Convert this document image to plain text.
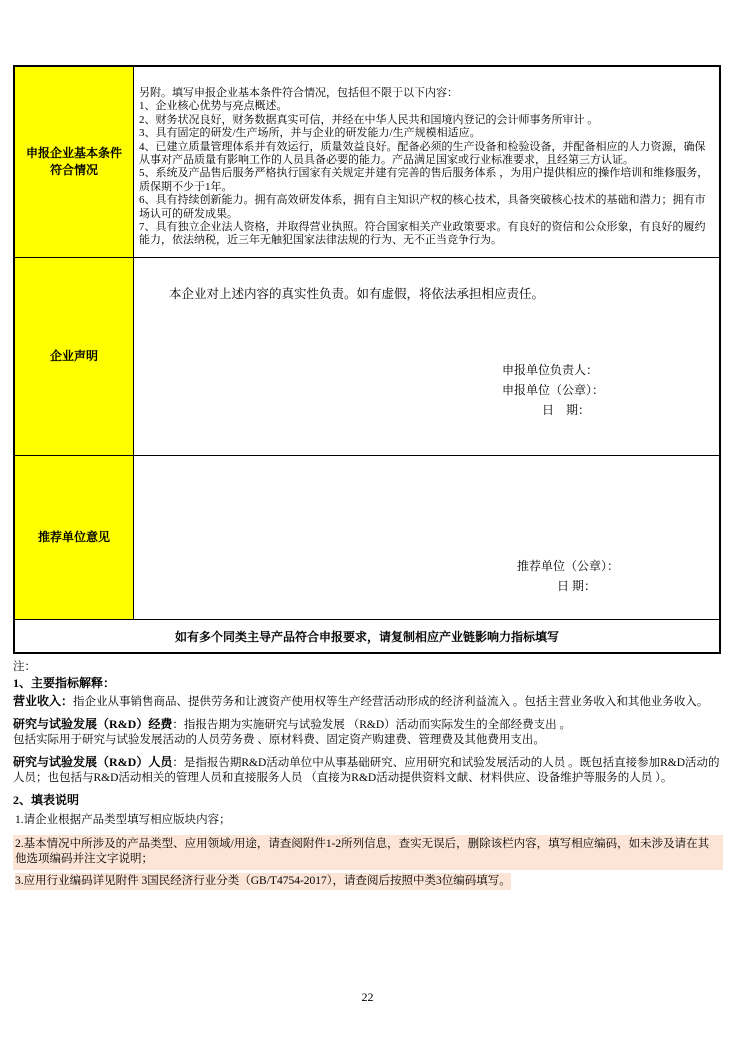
申报企业基本条件
符合情况
另附。填写申报企业基本条件符合情况，包括但不限于以下内容：
1、企业核心优势与亮点概述。
2、财务状况良好，财务数据真实可信，并经在中华人民共和国境内登记的会计师事务所审计 。
3、具有固定的研发/生产场所，并与企业的研发能力/生产规模相适应。
4、已建立质量管理体系并有效运行，质量效益良好。配备必须的生产设备和检验设备，并配备相应的人力资源，确保从事对产品质量有影响工作的人员具备必要的能力。产品满足国家或行业标准要求，且经第三方认证。
5、系统及产品售后服务严格执行国家有关规定并建有完善的售后服务体系 ，为用户提供相应的操作培训和维修服务，质保期不少于1年。
6、具有持续创新能力。拥有高效研发体系，拥有自主知识产权的核心技术，具备突破核心技术的基础和潜力；拥有市场认可的研发成果。
7、具有独立企业法人资格，并取得营业执照。符合国家相关产业政策要求。有良好的资信和公众形象，有良好的履约能力，依法纳税，近三年无触犯国家法律法规的行为、无不正当竞争行为。
企业声明
本企业对上述内容的真实性负责。如有虚假，将依法承担相应责任。
申报单位负责人：
申报单位（公章）：
日　期：
推荐单位意见
推荐单位（公章）：
日 期：
如有多个同类主导产品符合申报要求，请复制相应产业链影响力指标填写
注：
1、主要指标解释：
营业收入：指企业从事销售商品、提供劳务和让渡资产使用权等生产经营活动形成的经济利益流入 。包括主营业务收入和其他业务收入。
研究与试验发展（R&D）经费：指报告期为实施研究与试验发展 （R&D）活动而实际发生的全部经费支出 。
包括实际用于研究与试验发展活动的人员劳务费 、原材料费、固定资产购建费、管理费及其他费用支出。
研究与试验发展（R&D）人员：是指报告期R&D活动单位中从事基础研究、应用研究和试验发展活动的人员 。既包括直接参加R&D活动的人员；也包括与R&D活动相关的管理人员和直接服务人员 （直接为R&D活动提供资料文献、材料供应、设备维护等服务的人员 ）。
2、填表说明
1.请企业根据产品类型填写相应版块内容；
2.基本情况中所涉及的产品类型、应用领域/用途，请查阅附件1-2所列信息，查实无误后，删除该栏内容，填写相应编码，如未涉及请在其他选项编码并注文字说明；
3.应用行业编码详见附件 3国民经济行业分类（GB/T4754-2017），请查阅后按照中类3位编码填写。
22
